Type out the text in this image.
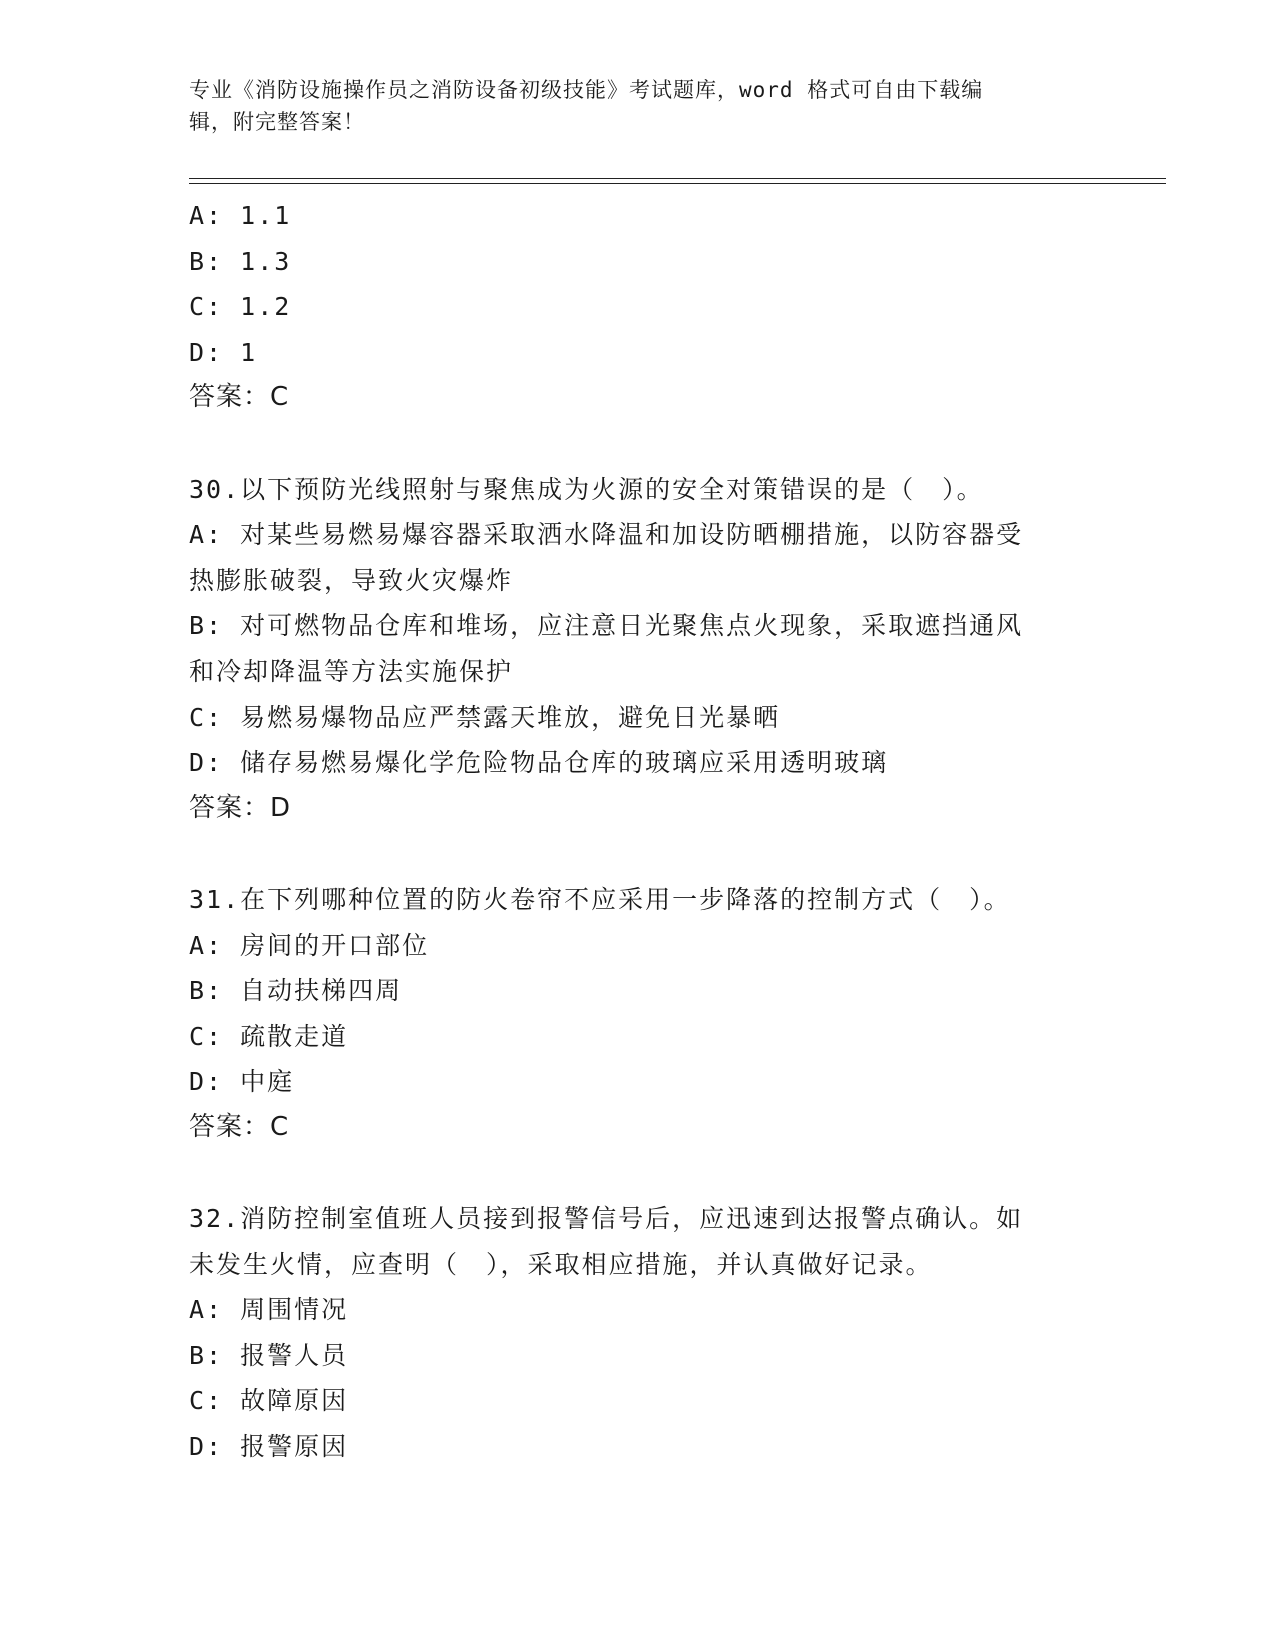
专业《消防设施操作员之消防设备初级技能》考试题库，word 格式可自由下载编
辑，附完整答案！
A: 1.1
B: 1.3
C: 1.2
D: 1
答案：C
30.以下预防光线照射与聚焦成为火源的安全对策错误的是（　）。
A: 对某些易燃易爆容器采取洒水降温和加设防晒棚措施，以防容器受
热膨胀破裂，导致火灾爆炸
B: 对可燃物品仓库和堆场，应注意日光聚焦点火现象，采取遮挡通风
和冷却降温等方法实施保护
C: 易燃易爆物品应严禁露天堆放，避免日光暴晒
D: 储存易燃易爆化学危险物品仓库的玻璃应采用透明玻璃
答案：D
31.在下列哪种位置的防火卷帘不应采用一步降落的控制方式（　）。
A: 房间的开口部位
B: 自动扶梯四周
C: 疏散走道
D: 中庭
答案：C
32.消防控制室值班人员接到报警信号后，应迅速到达报警点确认。如
未发生火情，应查明（　），采取相应措施，并认真做好记录。
A: 周围情况
B: 报警人员
C: 故障原因
D: 报警原因
